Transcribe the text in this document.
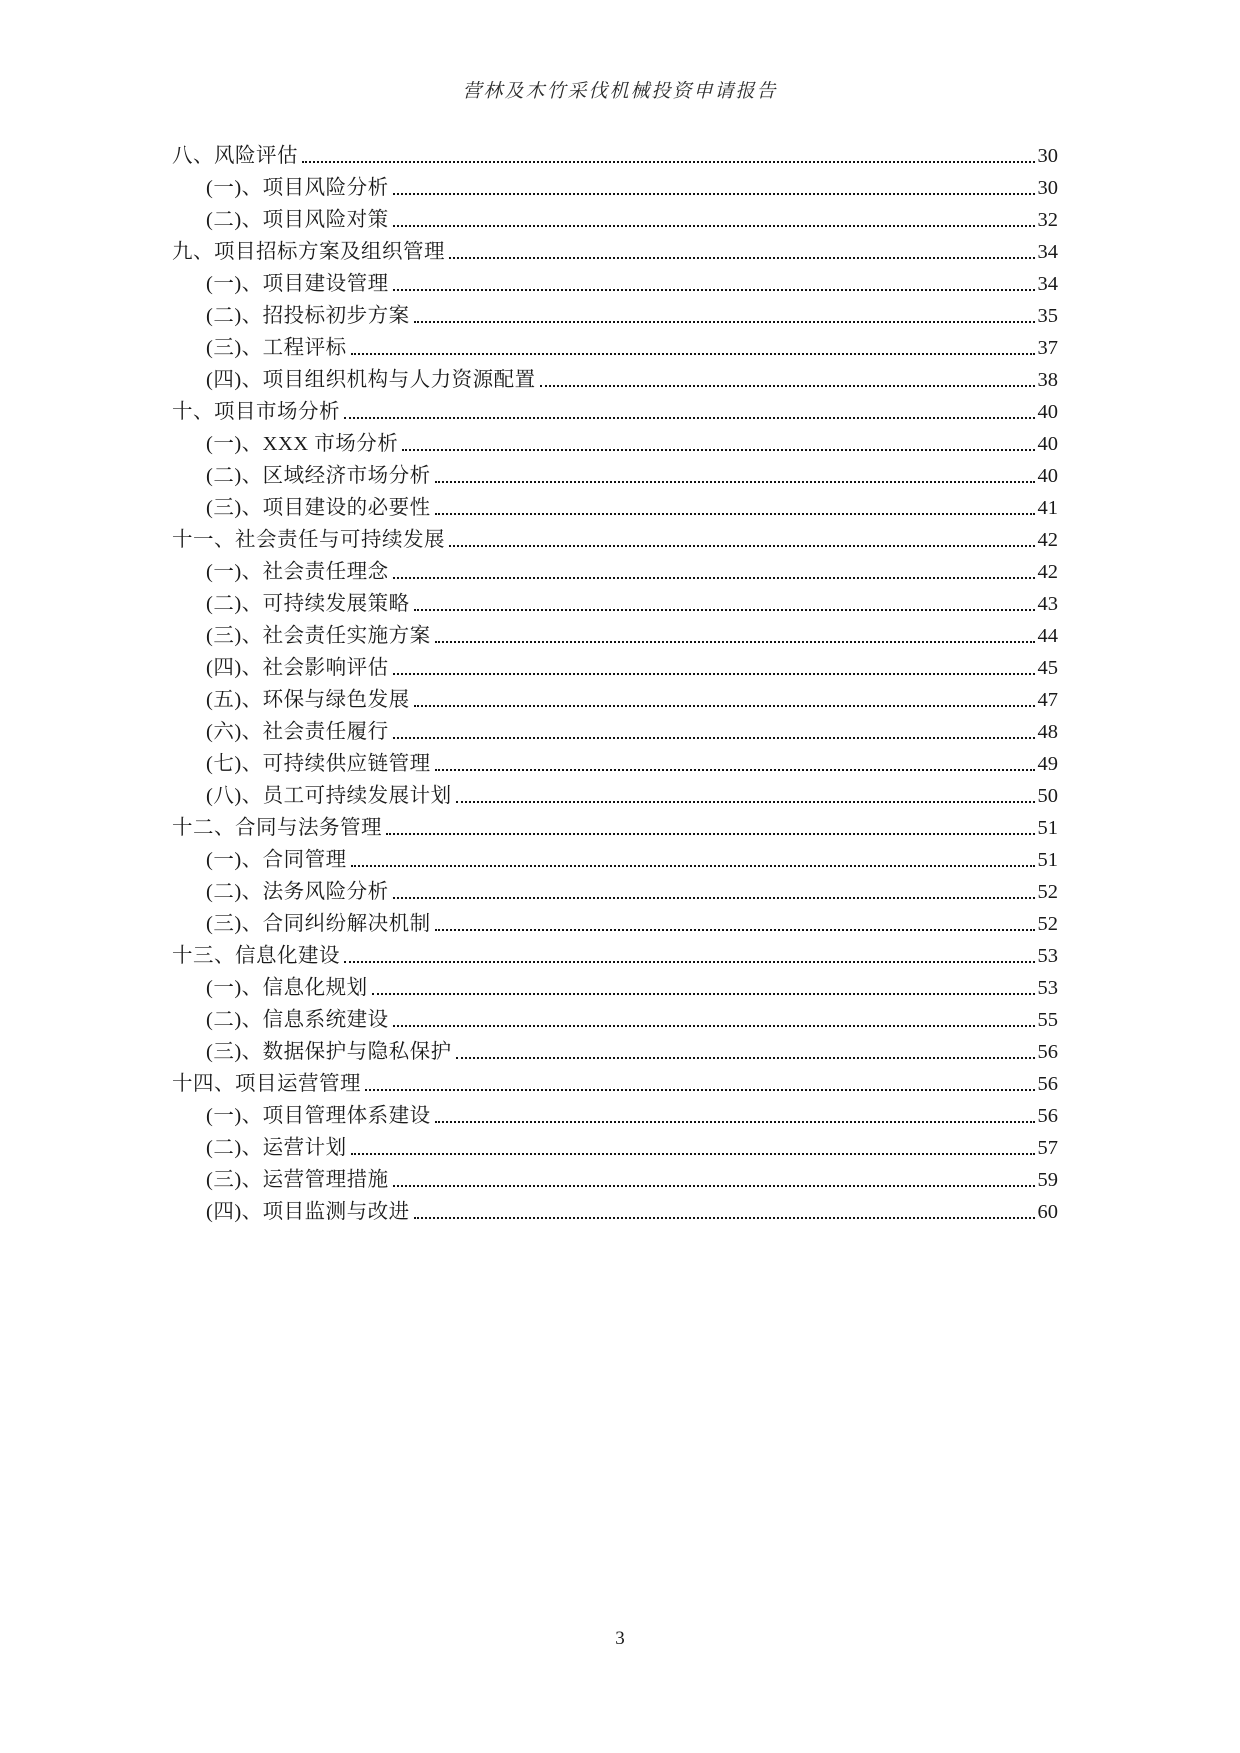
营林及木竹采伐机械投资申请报告
八、风险评估	30
(一)、项目风险分析	30
(二)、项目风险对策	32
九、项目招标方案及组织管理	34
(一)、项目建设管理	34
(二)、招投标初步方案	35
(三)、工程评标	37
(四)、项目组织机构与人力资源配置	38
十、项目市场分析	40
(一)、XXX 市场分析	40
(二)、区域经济市场分析	40
(三)、项目建设的必要性	41
十一、社会责任与可持续发展	42
(一)、社会责任理念	42
(二)、可持续发展策略	43
(三)、社会责任实施方案	44
(四)、社会影响评估	45
(五)、环保与绿色发展	47
(六)、社会责任履行	48
(七)、可持续供应链管理	49
(八)、员工可持续发展计划	50
十二、合同与法务管理	51
(一)、合同管理	51
(二)、法务风险分析	52
(三)、合同纠纷解决机制	52
十三、信息化建设	53
(一)、信息化规划	53
(二)、信息系统建设	55
(三)、数据保护与隐私保护	56
十四、项目运营管理	56
(一)、项目管理体系建设	56
(二)、运营计划	57
(三)、运营管理措施	59
(四)、项目监测与改进	60
3
